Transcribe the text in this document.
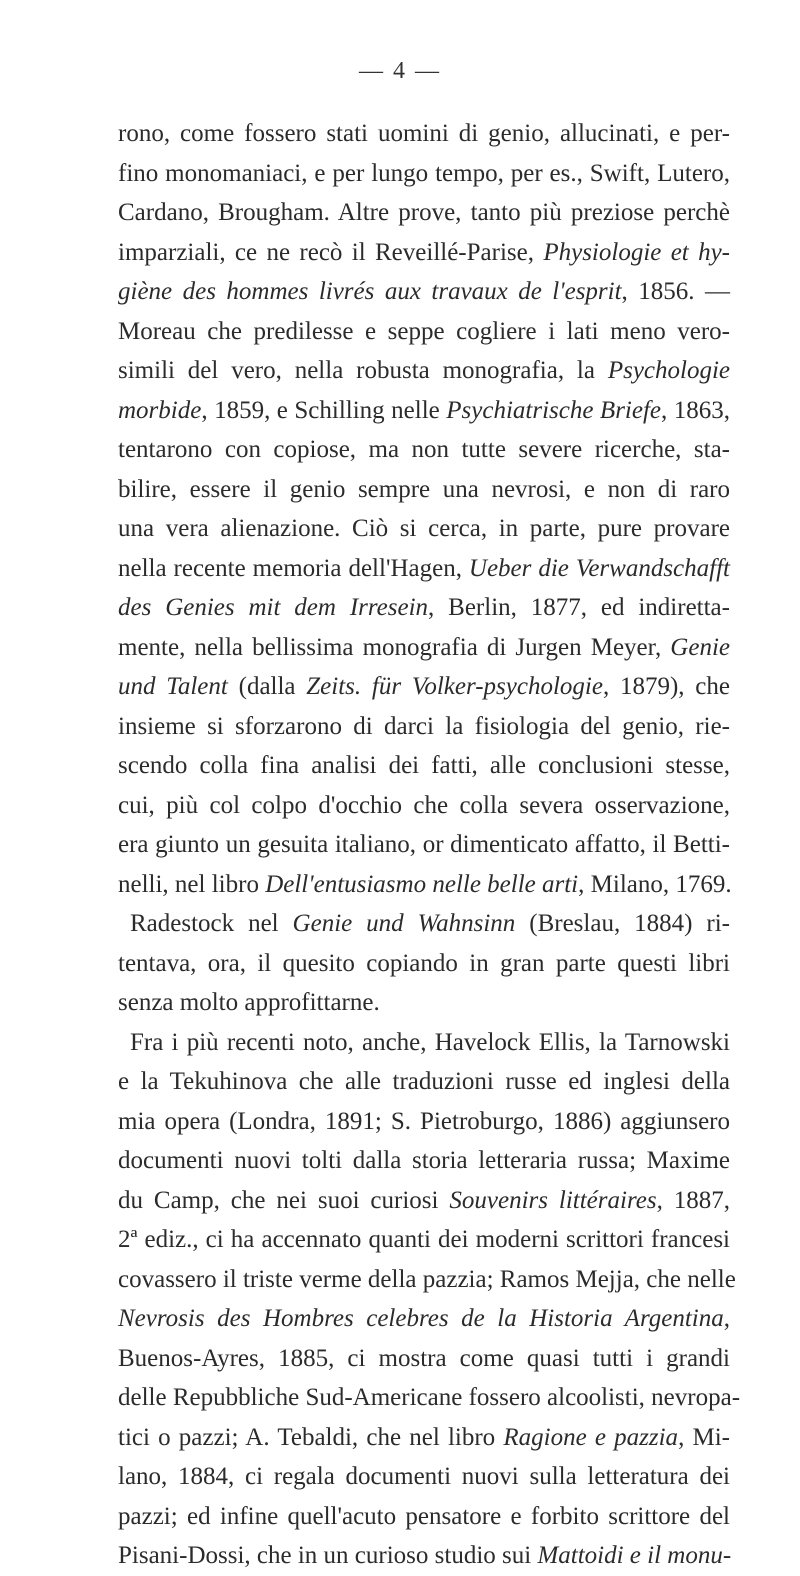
— 4 —
rono, come fossero stati uomini di genio, allucinati, e per-
fino monomaniaci, e per lungo tempo, per es., Swift, Lutero,
Cardano, Brougham. Altre prove, tanto più preziose perchè
imparziali, ce ne recò il Reveillé-Parise, Physiologie et hy-
giène des hommes livrés aux travaux de l'esprit, 1856. —
Moreau che predilesse e seppe cogliere i lati meno vero-
simili del vero, nella robusta monografia, la Psychologie
morbide, 1859, e Schilling nelle Psychiatrische Briefe, 1863,
tentarono con copiose, ma non tutte severe ricerche, sta-
bilire, essere il genio sempre una nevrosi, e non di raro
una vera alienazione. Ciò si cerca, in parte, pure provare
nella recente memoria dell'Hagen, Ueber die Verwandschafft
des Genies mit dem Irresein, Berlin, 1877, ed indiretta-
mente, nella bellissima monografia di Jurgen Meyer, Genie
und Talent (dalla Zeits. für Volker-psychologie, 1879), che
insieme si sforzarono di darci la fisiologia del genio, rie-
scendo colla fina analisi dei fatti, alle conclusioni stesse,
cui, più col colpo d'occhio che colla severa osservazione,
era giunto un gesuita italiano, or dimenticato affatto, il Betti-
nelli, nel libro Dell'entusiasmo nelle belle arti, Milano, 1769.
Radestock nel Genie und Wahnsinn (Breslau, 1884) ri-
tentava, ora, il quesito copiando in gran parte questi libri
senza molto approfittarne.
Fra i più recenti noto, anche, Havelock Ellis, la Tarnowski
e la Tekuhinova che alle traduzioni russe ed inglesi della
mia opera (Londra, 1891; S. Pietroburgo, 1886) aggiunsero
documenti nuovi tolti dalla storia letteraria russa; Maxime
du Camp, che nei suoi curiosi Souvenirs littéraires, 1887,
2ª ediz., ci ha accennato quanti dei moderni scrittori francesi
covassero il triste verme della pazzia; Ramos Mejja, che nelle
Nevrosis des Hombres celebres de la Historia Argentina,
Buenos-Ayres, 1885, ci mostra come quasi tutti i grandi
delle Repubbliche Sud-Americane fossero alcoolisti, nevropa-
tici o pazzi; A. Tebaldi, che nel libro Ragione e pazzia, Mi-
lano, 1884, ci regala documenti nuovi sulla letteratura dei
pazzi; ed infine quell'acuto pensatore e forbito scrittore del
Pisani-Dossi, che in un curioso studio sui Mattoidi e il monu-
